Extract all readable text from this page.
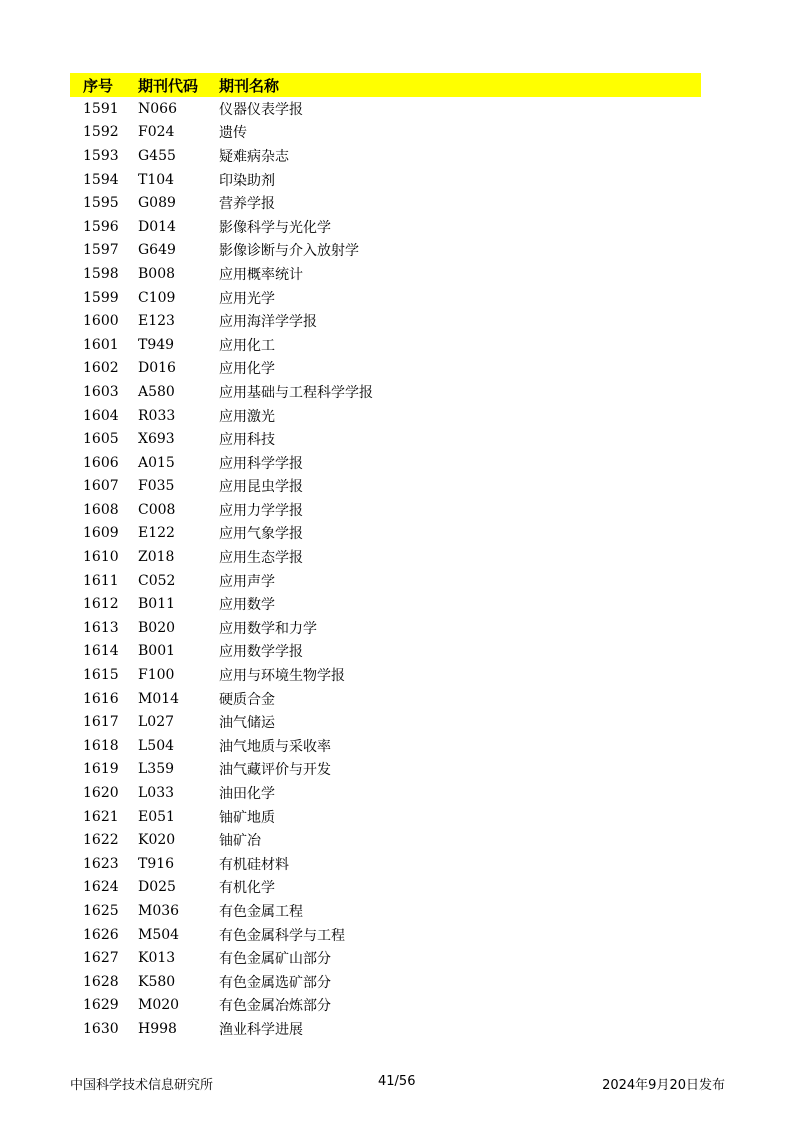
序号	期刊代码	期刊名称
1591	N066	仪器仪表学报
1592	F024	遗传
1593	G455	疑难病杂志
1594	T104	印染助剂
1595	G089	营养学报
1596	D014	影像科学与光化学
1597	G649	影像诊断与介入放射学
1598	B008	应用概率统计
1599	C109	应用光学
1600	E123	应用海洋学学报
1601	T949	应用化工
1602	D016	应用化学
1603	A580	应用基础与工程科学学报
1604	R033	应用激光
1605	X693	应用科技
1606	A015	应用科学学报
1607	F035	应用昆虫学报
1608	C008	应用力学学报
1609	E122	应用气象学报
1610	Z018	应用生态学报
1611	C052	应用声学
1612	B011	应用数学
1613	B020	应用数学和力学
1614	B001	应用数学学报
1615	F100	应用与环境生物学报
1616	M014	硬质合金
1617	L027	油气储运
1618	L504	油气地质与采收率
1619	L359	油气藏评价与开发
1620	L033	油田化学
1621	E051	铀矿地质
1622	K020	铀矿冶
1623	T916	有机硅材料
1624	D025	有机化学
1625	M036	有色金属工程
1626	M504	有色金属科学与工程
1627	K013	有色金属矿山部分
1628	K580	有色金属选矿部分
1629	M020	有色金属冶炼部分
1630	H998	渔业科学进展
中国科学技术信息研究所	41/56	2024年9月20日发布
